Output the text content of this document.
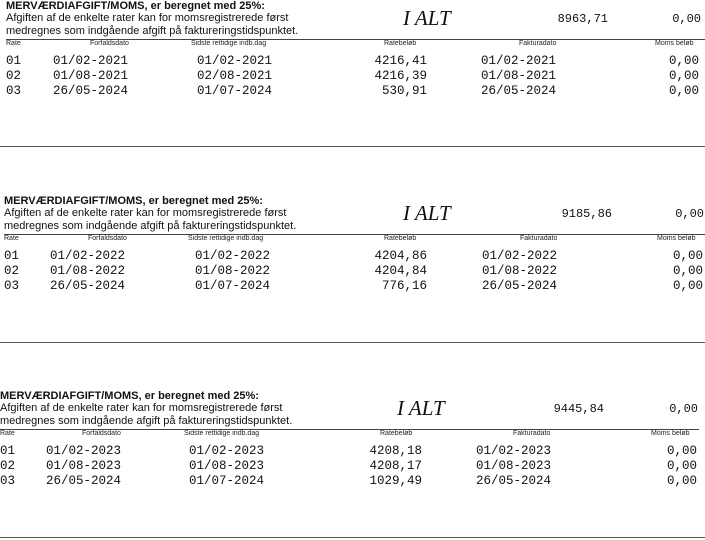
MERVÆRDIAFGIFT/MOMS, er beregnet med 25%:
Afgiften af de enkelte rater kan for momsregistrerede først
medregnes som indgående afgift på faktureringstidspunktet.
I ALT	8963,71	0,00
Rate	Forfaldsdato	Sidste rettidige indb.dag	Ratebeløb	Fakturadato	Moms beløb
01	01/02-2021	01/02-2021	4216,41	01/02-2021	0,00
02	01/08-2021	02/08-2021	4216,39	01/08-2021	0,00
03	26/05-2024	01/07-2024	530,91	26/05-2024	0,00
MERVÆRDIAFGIFT/MOMS, er beregnet med 25%:
Afgiften af de enkelte rater kan for momsregistrerede først
medregnes som indgående afgift på faktureringstidspunktet.
I ALT	9185,86	0,00
Rate	Forfaldsdato	Sidste rettidige indb.dag	Ratebeløb	Fakturadato	Moms beløb
01 01/02-2022	01/02-2022	4204,86	01/02-2022	0,00
02 01/08-2022	01/08-2022	4204,84	01/08-2022	0,00
03 26/05-2024	01/07-2024	776,16	26/05-2024	0,00
MERVÆRDIAFGIFT/MOMS, er beregnet med 25%:
Afgiften af de enkelte rater kan for momsregistrerede først
medregnes som indgående afgift på faktureringstidspunktet.
I ALT	9445,84	0,00
Rate	Forfaldsdato	Sidste rettidige indb.dag	Ratebeløb	Fakturadato	Moms beløb
01 01/02-2023	01/02-2023	4208,18	01/02-2023	0,00
02 01/08-2023	01/08-2023	4208,17	01/08-2023	0,00
03 26/05-2024	01/07-2024	1029,49	26/05-2024	0,00
